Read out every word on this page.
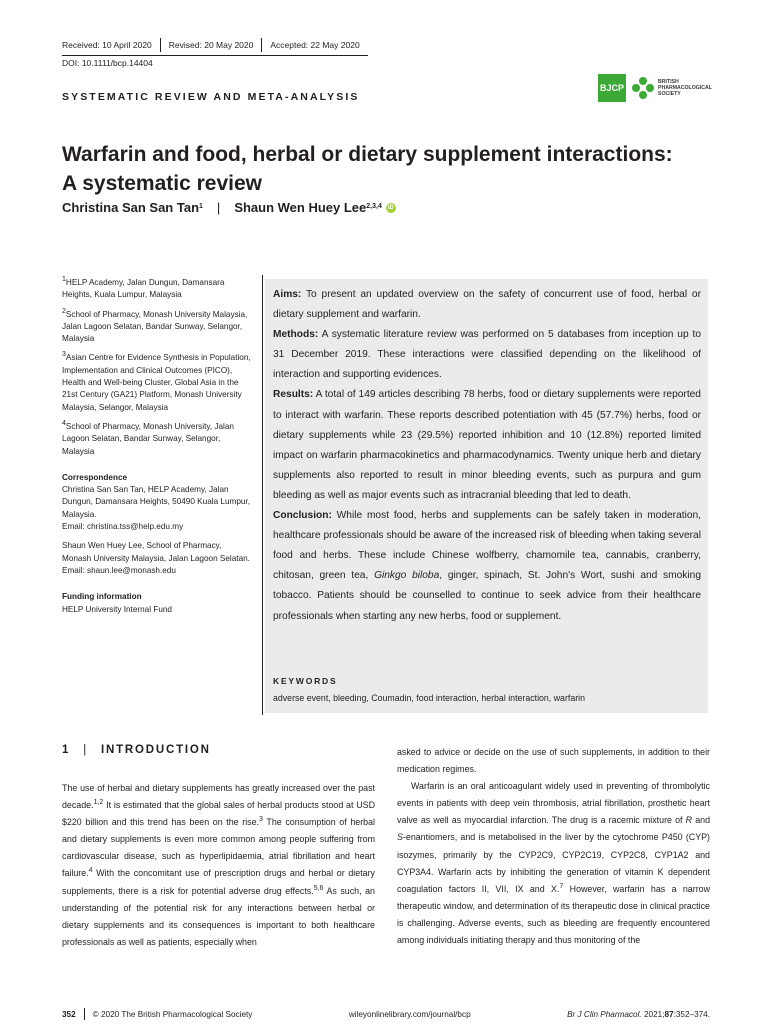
Received: 10 April 2020 Revised: 20 May 2020 Accepted: 22 May 2020
DOI: 10.1111/bcp.14404
SYSTEMATIC REVIEW AND META-ANALYSIS
BJCP
BRITISH
PHARMACOLOGICAL
SOCIETY
Warfarin and food, herbal or dietary supplement interactions:
A systematic review
Christina San San Tan$^1$ | Shaun Wen Huey Lee$^{2,3,4}$	iD

$^1$HELP Academy, Jalan Dungun, Damansara Heights, Kuala Lumpur, Malaysia

$^2$School of Pharmacy, Monash University Malaysia, Jalan Lagoon Selatan, Bandar Sunway, Selangor, Malaysia

$^3$Asian Centre for Evidence Synthesis in Population, Implementation and Clinical Outcomes (PICO), Health and Well-being Cluster, Global Asia in the 21st Century (GA21) Platform, Monash University Malaysia, Selangor, Malaysia

$^4$School of Pharmacy, Monash University, Jalan Lagoon Selatan, Bandar Sunway, Selangor, Malaysia

Correspondence

Christina San San Tan, HELP Academy, Jalan Dungun, Damansara Heights, 50490 Kuala Lumpur, Malaysia.
Email: christina.tss@help.edu.my

Shaun Wen Huey Lee, School of Pharmacy, Monash University Malaysia, Jalan Lagoon Selatan.
Email: shaun.lee@monash.edu

Funding information

HELP University Internal Fund

Aims: To present an updated overview on the safety of concurrent use of food, herbal or dietary supplement and warfarin.

Methods: A systematic literature review was performed on 5 databases from inception up to 31 December 2019. These interactions were classified depending on the likelihood of interaction and supporting evidences.

Results: A total of 149 articles describing 78 herbs, food or dietary supplements were reported to interact with warfarin. These reports described potentiation with 45 (57.7%) herbs, food or dietary supplements while 23 (29.5%) reported inhibition and 10 (12.8%) reported limited impact on warfarin pharmacokinetics and pharmacodynamics. Twenty unique herb and dietary supplements also reported to result in minor bleeding events, such as purpura and gum bleeding as well as major events such as intracranial bleeding that led to death.

Conclusion: While most food, herbs and supplements can be safely taken in moderation, healthcare professionals should be aware of the increased risk of bleeding when taking several food and herbs. These include Chinese wolfberry, chamomile tea, cannabis, cranberry, chitosan, green tea, Ginkgo biloba, ginger, spinach, St. John's Wort, sushi and smoking tobacco. Patients should be counselled to continue to seek advice from their healthcare professionals when starting any new herbs, food or supplement.

KEYWORDS
adverse event, bleeding, Coumadin, food interaction, herbal interaction, warfarin
1 | INTRODUCTION

The use of herbal and dietary supplements has greatly increased over the past decade.$^{1,2}$ It is estimated that the global sales of herbal products stood at USD $220 billion and this trend has been on the rise.$^3$ The consumption of herbal and dietary supplements is even more common among people suffering from cardiovascular disease, such as hyperlipidaemia, atrial fibrillation and heart failure.$^4$ With the concomitant use of prescription drugs and herbal or dietary supplements, there is a risk for potential adverse drug effects.$^{5,6}$ As such, an understanding of the potential risk for any interactions between herbal or dietary supplements and its consequences is important to both healthcare professionals as well as patients, especially when

asked to advice or decide on the use of such supplements, in addition to their medication regimes.

Warfarin is an oral anticoagulant widely used in preventing of thrombolytic events in patients with deep vein thrombosis, atrial fibrillation, prosthetic heart valve as well as myocardial infarction. The drug is a racemic mixture of R and S-enantiomers, and is metabolised in the liver by the cytochrome P450 (CYP) isozymes, primarily by the CYP2C9, CYP2C19, CYP2C8, CYP1A2 and CYP3A4. Warfarin acts by inhibiting the generation of vitamin K dependent coagulation factors II, VII, IX and X.$^7$ However, warfarin has a narrow therapeutic window, and determination of its therapeutic dose in clinical practice is challenging. Adverse events, such as bleeding are frequently encountered among individuals initiating therapy and thus monitoring of the

352 © 2020 The British Pharmacological Society	wileyonlinelibrary.com/journal/bcp	Br J Clin Pharmacol. 2021;87:352–374.
